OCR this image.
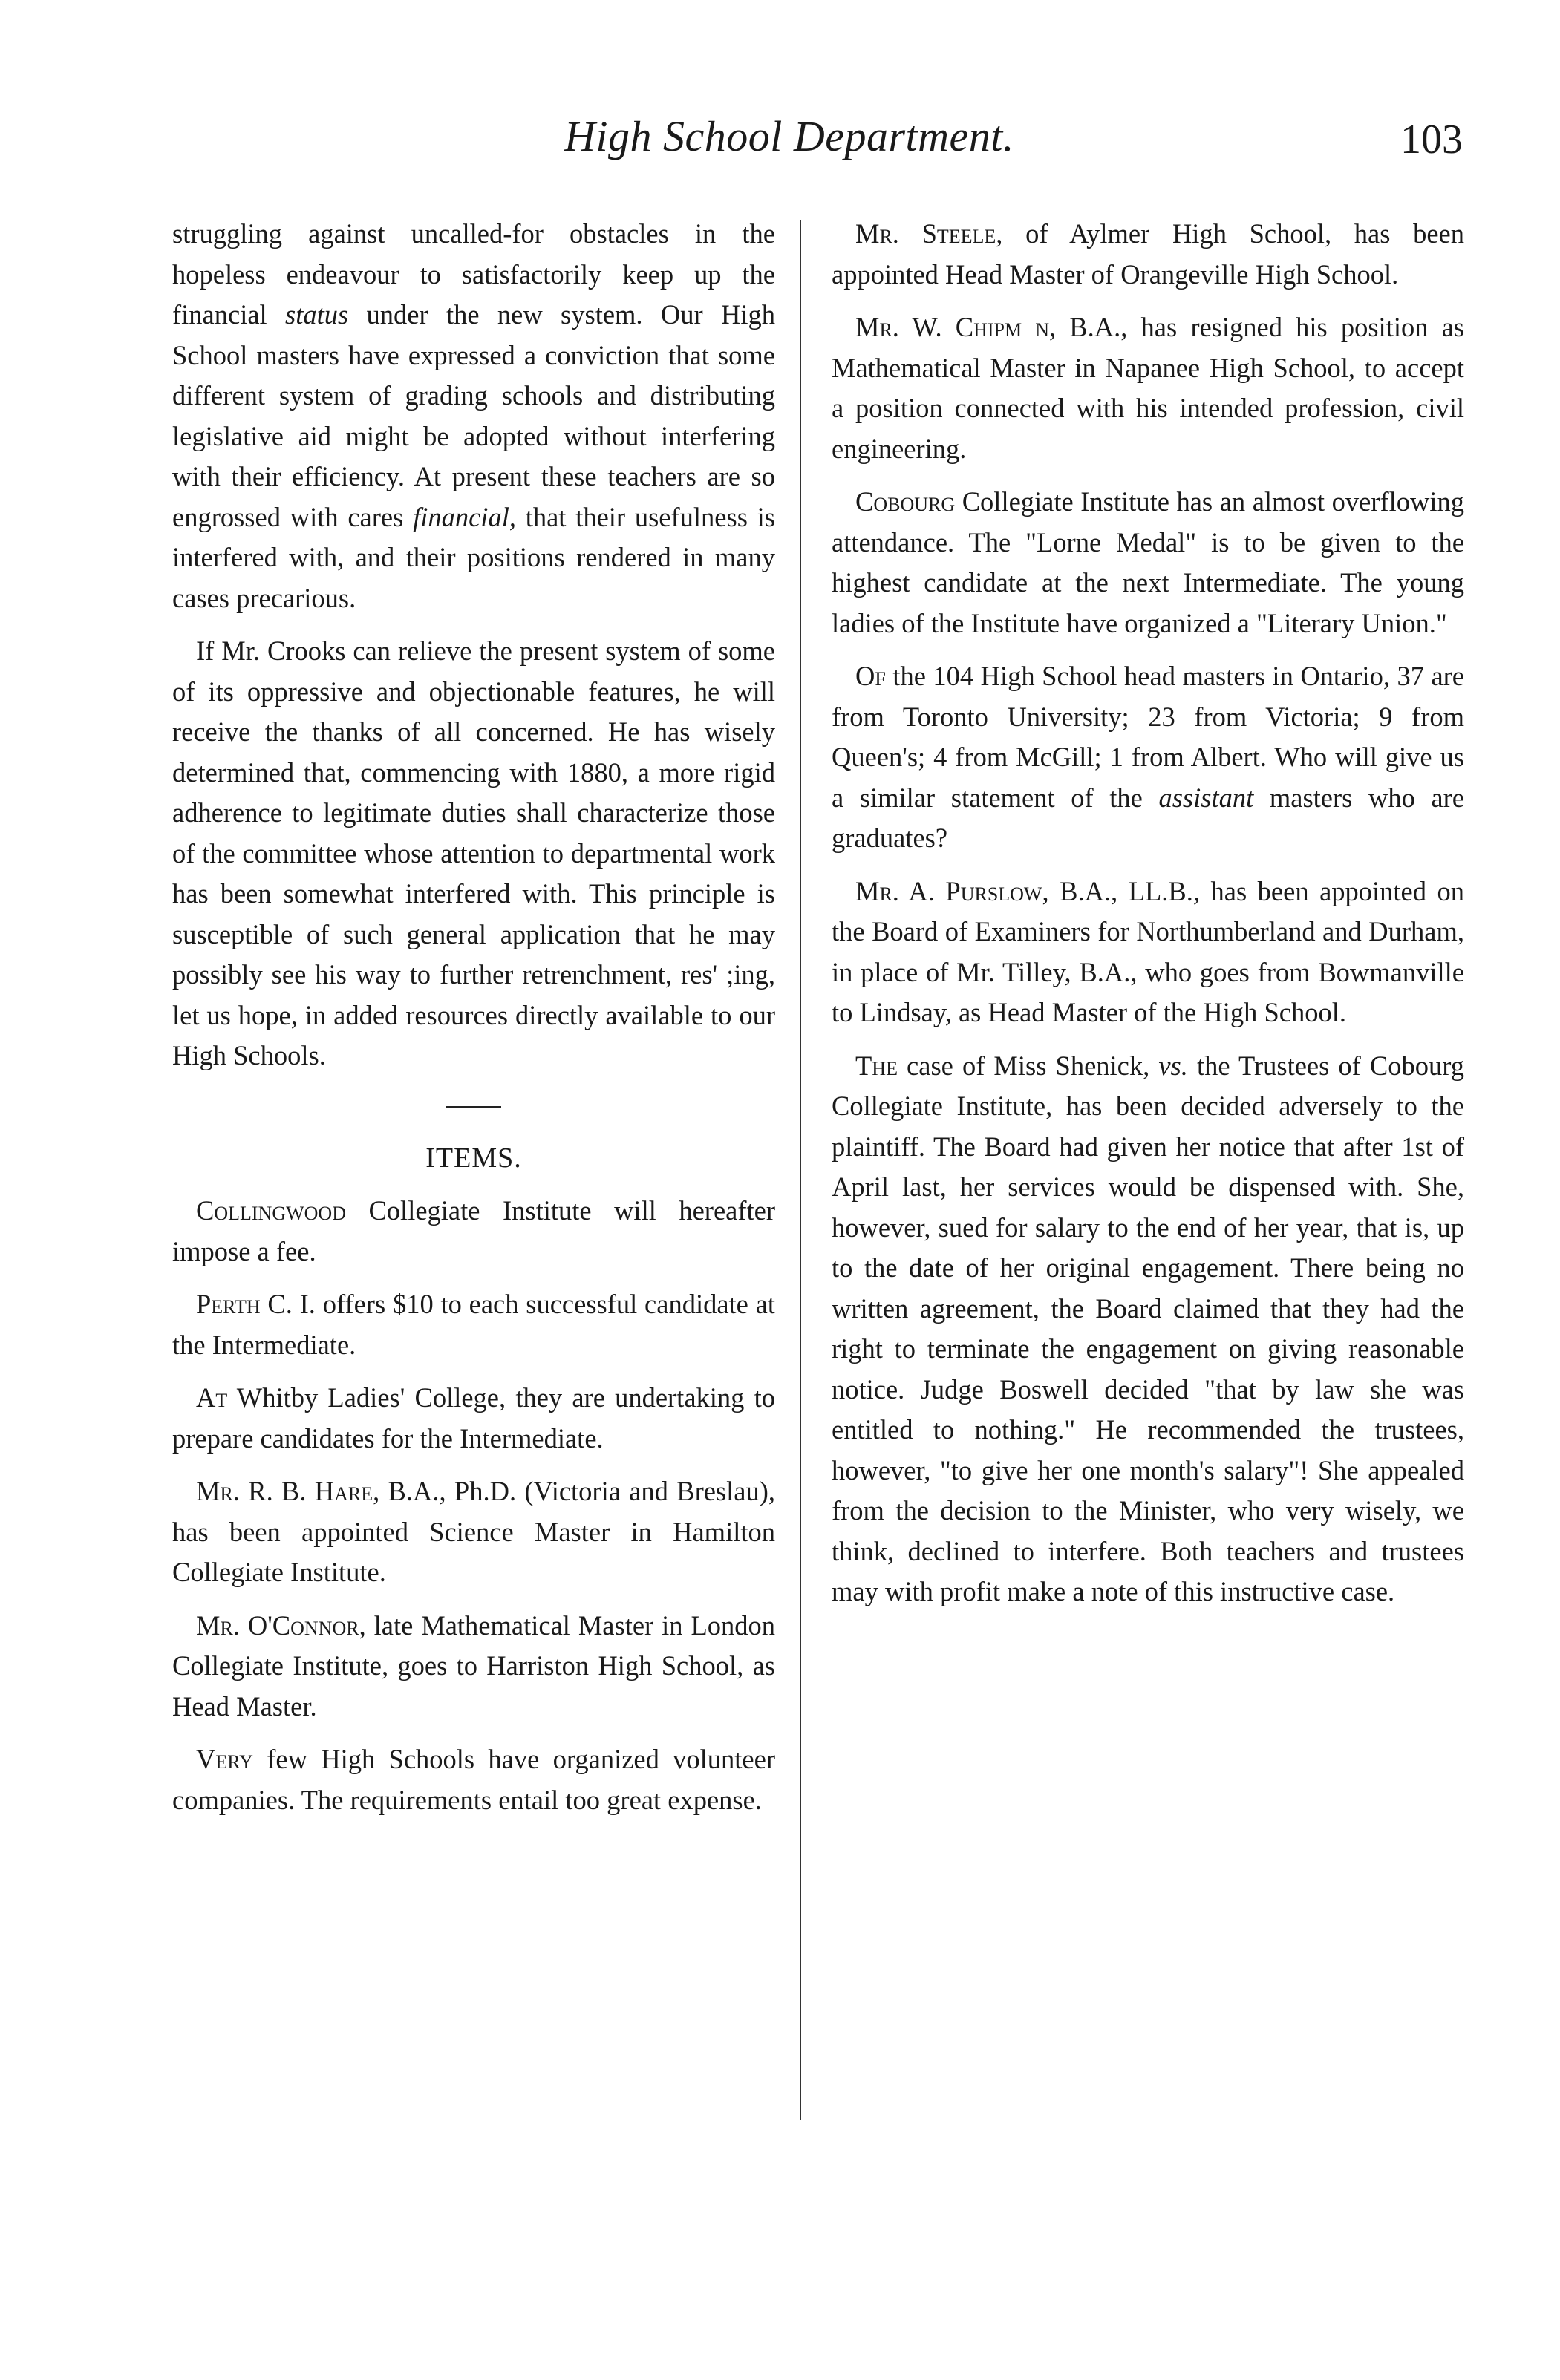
High School Department.	103

struggling against uncalled-for obstacles in the hopeless endeavour to satisfactorily keep up the financial status under the new system. Our High School masters have expressed a conviction that some different system of grading schools and distributing legislative aid might be adopted without interfering with their efficiency. At present these teachers are so engrossed with cares financial, that their usefulness is interfered with, and their positions rendered in many cases precarious.

If Mr. Crooks can relieve the present system of some of its oppressive and objectionable features, he will receive the thanks of all concerned. He has wisely determined that, commencing with 1880, a more rigid adherence to legitimate duties shall characterize those of the committee whose attention to departmental work has been somewhat interfered with. This principle is susceptible of such general application that he may possibly see his way to further retrenchment, res' ;ing, let us hope, in added resources directly available to our High Schools.

ITEMS.

Collingwood Collegiate Institute will hereafter impose a fee.

Perth C. I. offers $10 to each successful candidate at the Intermediate.

At Whitby Ladies' College, they are undertaking to prepare candidates for the Intermediate.

Mr. R. B. Hare, B.A., Ph.D. (Victoria and Breslau), has been appointed Science Master in Hamilton Collegiate Institute.

Mr. O'Connor, late Mathematical Master in London Collegiate Institute, goes to Harriston High School, as Head Master.

Very few High Schools have organized volunteer companies. The requirements entail too great expense.

Mr. Steele, of Aylmer High School, has been appointed Head Master of Orangeville High School.

Mr. W. Chipm n, B.A., has resigned his position as Mathematical Master in Napanee High School, to accept a position connected with his intended profession, civil engineering.

Cobourg Collegiate Institute has an almost overflowing attendance. The "Lorne Medal" is to be given to the highest candidate at the next Intermediate. The young ladies of the Institute have organized a "Literary Union."

Of the 104 High School head masters in Ontario, 37 are from Toronto University; 23 from Victoria; 9 from Queen's; 4 from McGill; 1 from Albert. Who will give us a similar statement of the assistant masters who are graduates?

Mr. A. Purslow, B.A., LL.B., has been appointed on the Board of Examiners for Northumberland and Durham, in place of Mr. Tilley, B.A., who goes from Bowmanville to Lindsay, as Head Master of the High School.

The case of Miss Shenick, vs. the Trustees of Cobourg Collegiate Institute, has been decided adversely to the plaintiff. The Board had given her notice that after 1st of April last, her services would be dispensed with. She, however, sued for salary to the end of her year, that is, up to the date of her original engagement. There being no written agreement, the Board claimed that they had the right to terminate the engagement on giving reasonable notice. Judge Boswell decided "that by law she was entitled to nothing." He recommended the trustees, however, "to give her one month's salary"! She appealed from the decision to the Minister, who very wisely, we think, declined to interfere. Both teachers and trustees may with profit make a note of this instructive case.
